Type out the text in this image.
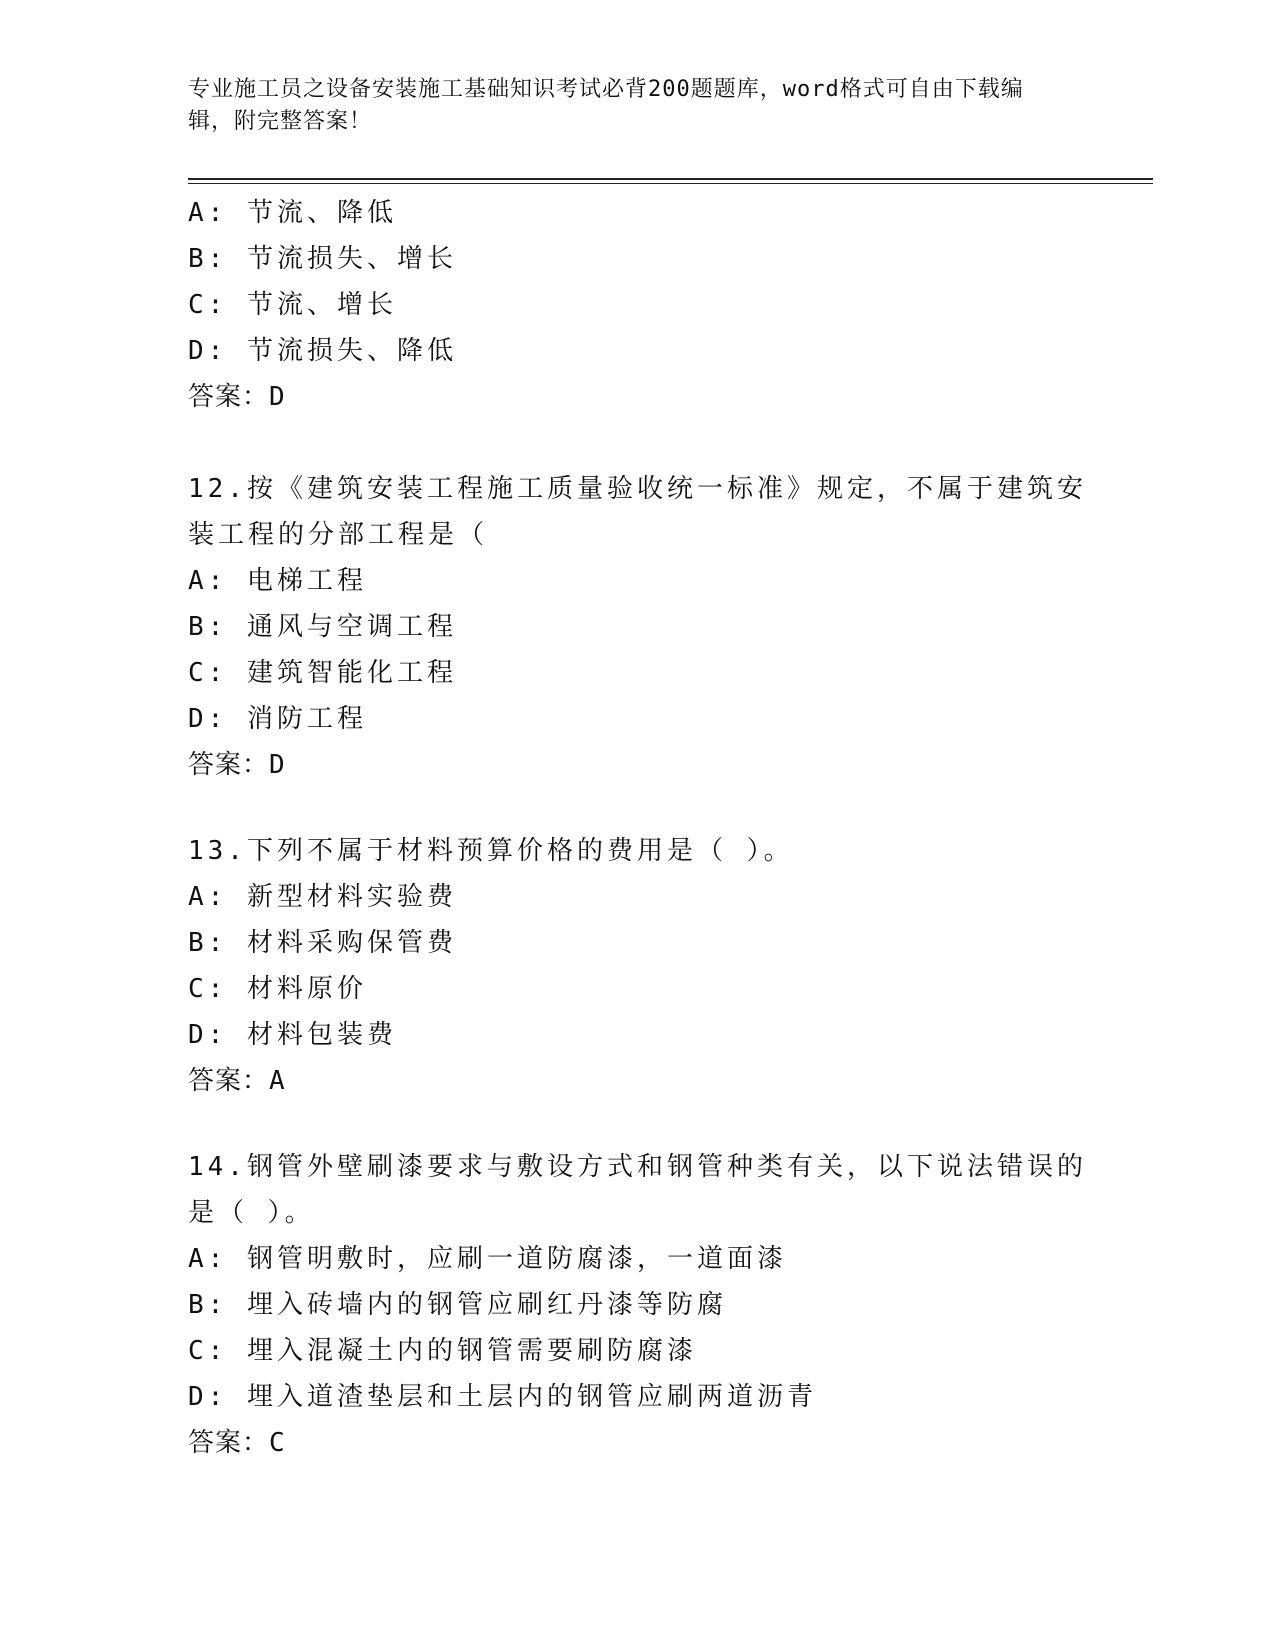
专业施工员之设备安装施工基础知识考试必背200题题库，word格式可自由下载编辑，附完整答案！
A: 节流、降低
B: 节流损失、增长
C: 节流、增长
D: 节流损失、降低
答案：D
12.按《建筑安装工程施工质量验收统一标准》规定，不属于建筑安装工程的分部工程是（
A: 电梯工程
B: 通风与空调工程
C: 建筑智能化工程
D: 消防工程
答案：D
13.下列不属于材料预算价格的费用是（ ）。
A: 新型材料实验费
B: 材料采购保管费
C: 材料原价
D: 材料包装费
答案：A
14.钢管外壁刷漆要求与敷设方式和钢管种类有关，以下说法错误的是（ ）。
A: 钢管明敷时，应刷一道防腐漆，一道面漆
B: 埋入砖墙内的钢管应刷红丹漆等防腐
C: 埋入混凝土内的钢管需要刷防腐漆
D: 埋入道渣垫层和土层内的钢管应刷两道沥青
答案：C
